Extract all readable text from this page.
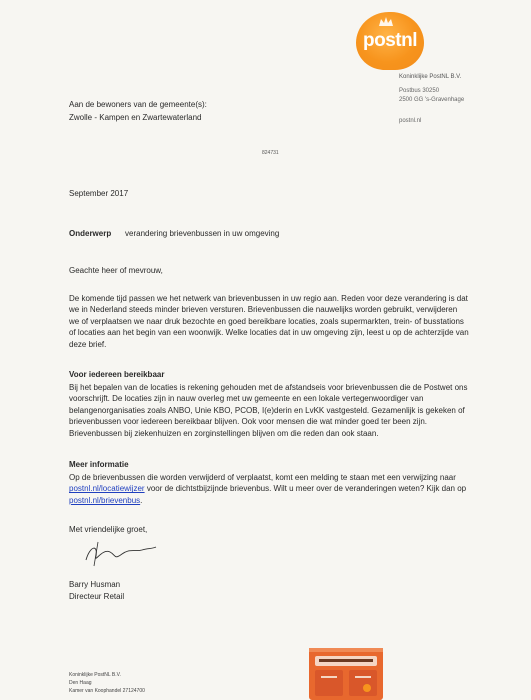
postnl
Koninklijke PostNL B.V.
Postbus 30250
2500 GG 's-Gravenhage
postnl.nl
Aan de bewoners van de gemeente(s):
Zwolle - Kampen en Zwartewaterland
824731
September 2017
Onderwerp verandering brievenbussen in uw omgeving
Geachte heer of mevrouw,
De komende tijd passen we het netwerk van brievenbussen in uw regio aan. Reden voor deze verandering is dat we in Nederland steeds minder brieven versturen. Brievenbussen die nauwelijks worden gebruikt, verwijderen we of verplaatsen we naar druk bezochte en goed bereikbare locaties, zoals supermarkten, trein- of busstations of locaties aan het begin van een woonwijk. Welke locaties dat in uw omgeving zijn, leest u op de achterzijde van deze brief.
Voor iedereen bereikbaar
Bij het bepalen van de locaties is rekening gehouden met de afstandseis voor brievenbussen die de Postwet ons voorschrijft. De locaties zijn in nauw overleg met uw gemeente en een lokale vertegenwoordiger van belangenorganisaties zoals ANBO, Unie KBO, PCOB, I(e)derin en LvKK vastgesteld. Gezamenlijk is gekeken of brievenbussen voor iedereen bereikbaar blijven. Ook voor mensen die wat minder goed ter been zijn. Brievenbussen bij ziekenhuizen en zorginstellingen blijven om die reden dan ook staan.
Meer informatie
Op de brievenbussen die worden verwijderd of verplaatst, komt een melding te staan met een verwijzing naar postnl.nl/locatiewijzer voor de dichtstbijzijnde brievenbus. Wilt u meer over de veranderingen weten? Kijk dan op postnl.nl/brievenbus.
Met vriendelijke groet,
Barry Husman
Directeur Retail
Koninklijke PostNL B.V.
Den Haag
Kamer van Koophandel 27124700
